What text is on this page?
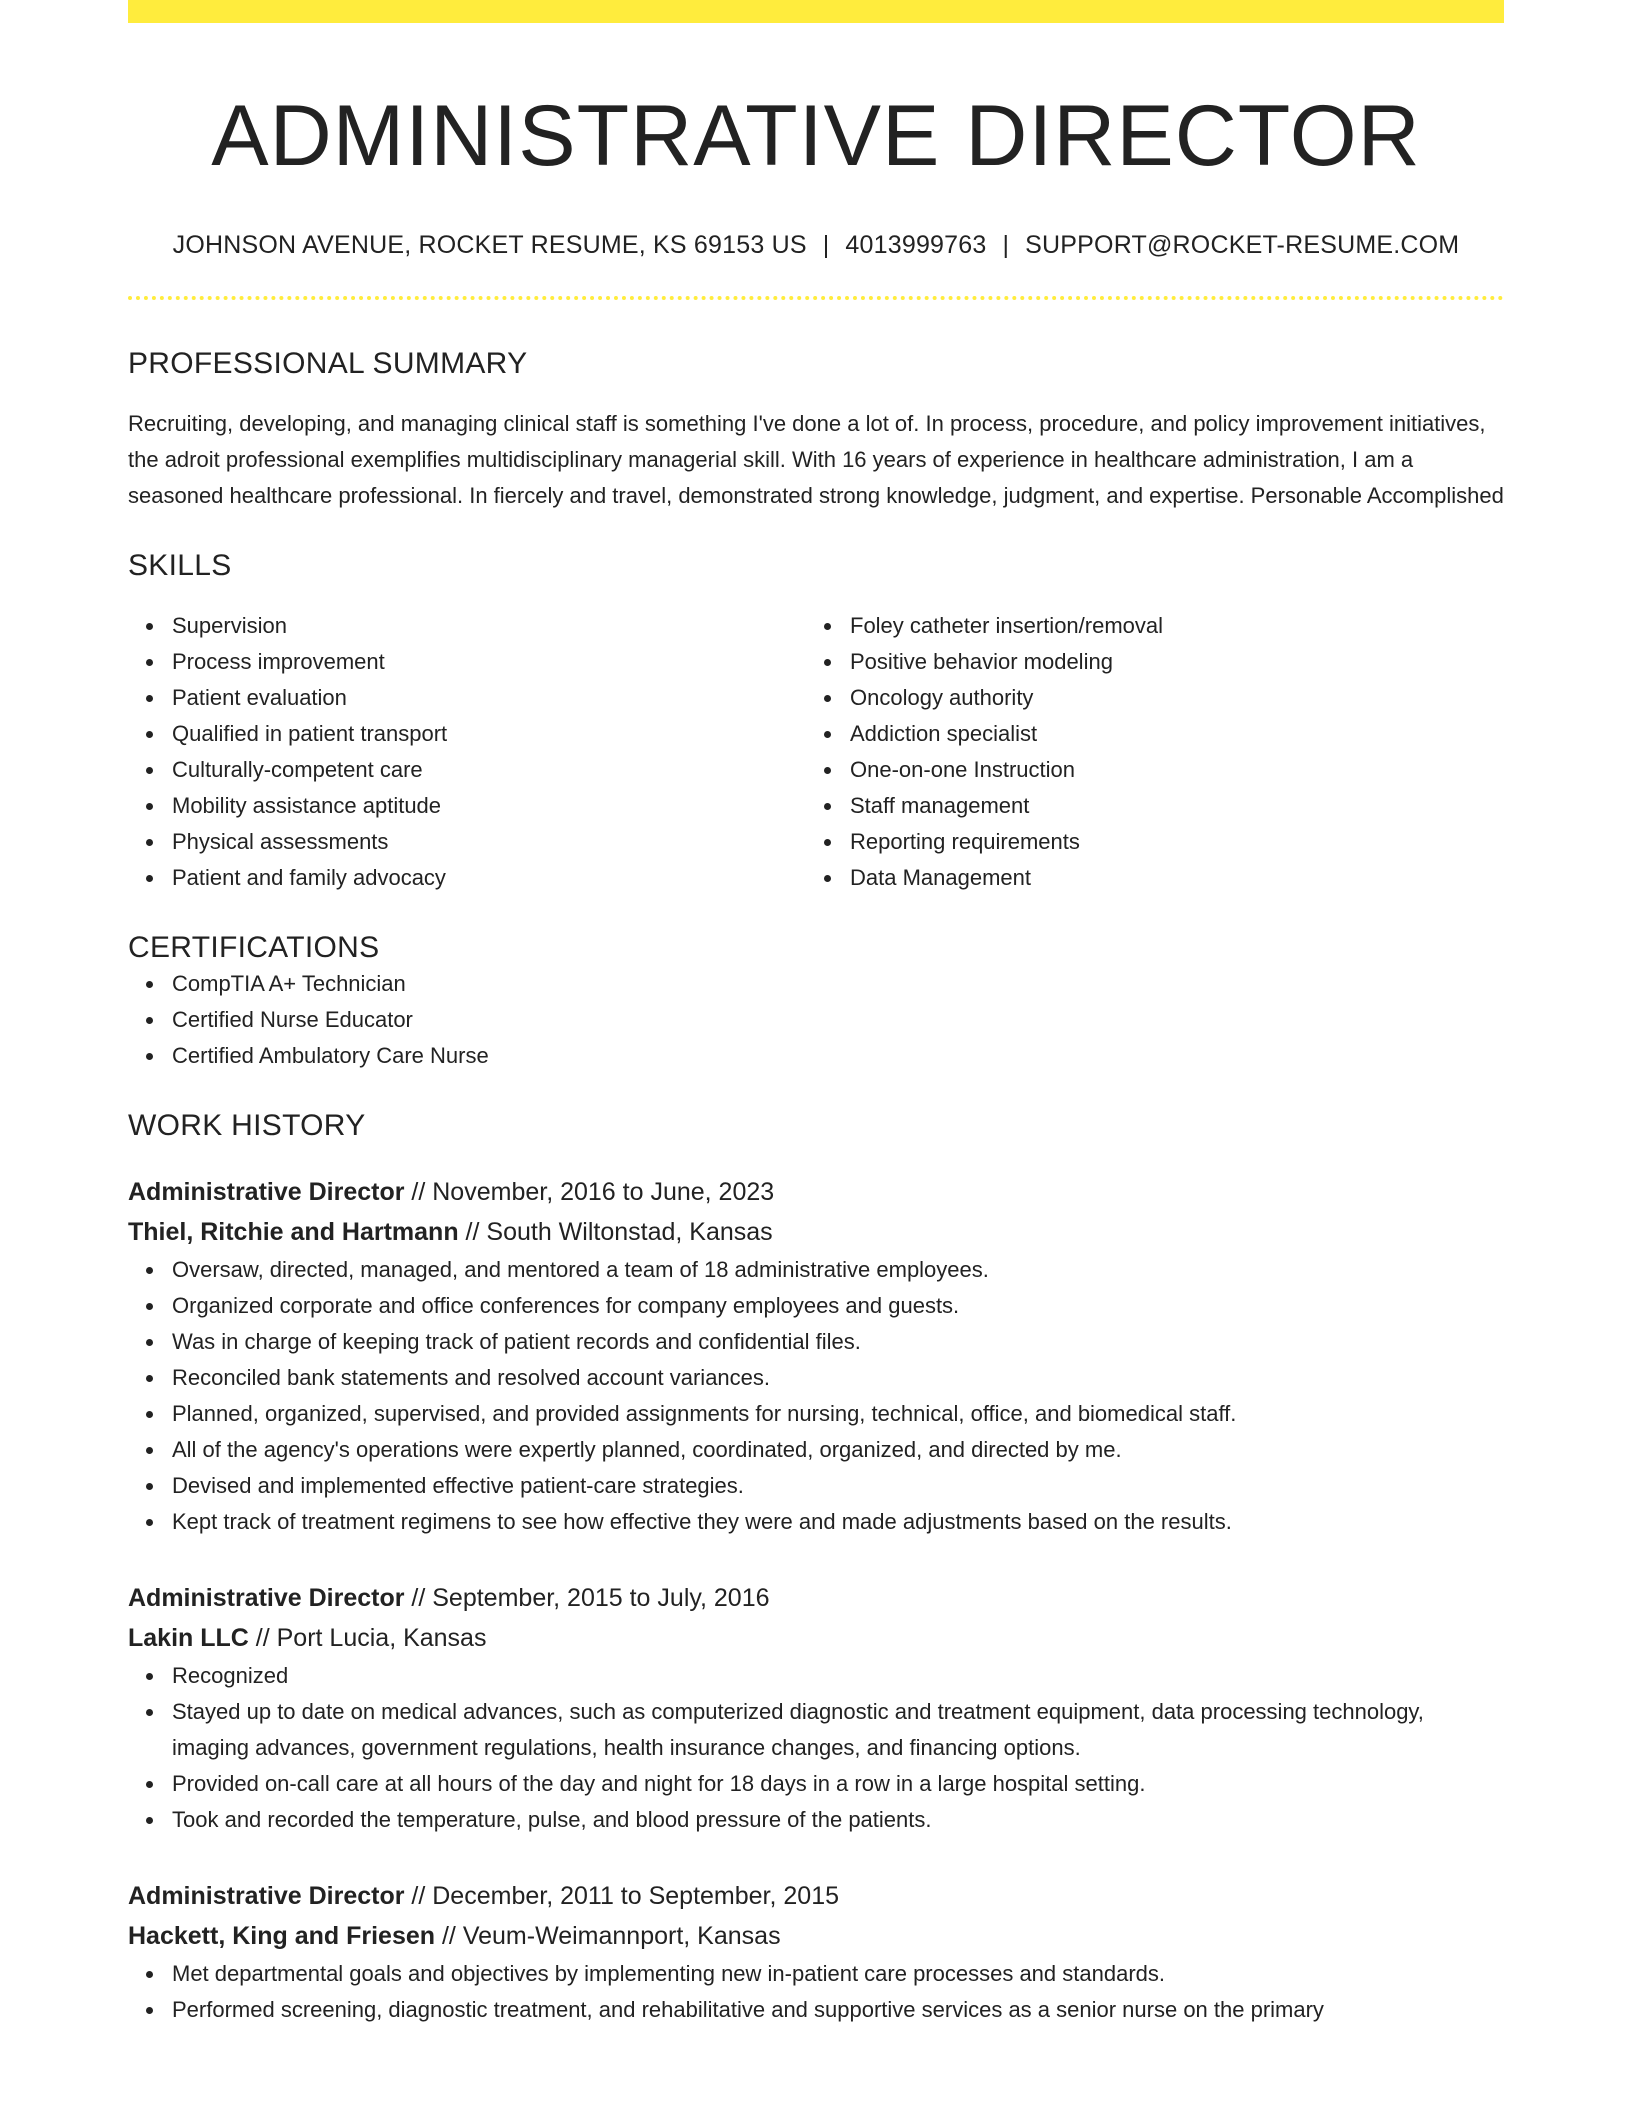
ADMINISTRATIVE DIRECTOR
JOHNSON AVENUE, ROCKET RESUME, KS 69153 US | 4013999763 | SUPPORT@ROCKET-RESUME.COM
PROFESSIONAL SUMMARY

Recruiting, developing, and managing clinical staff is something I've done a lot of. In process, procedure, and policy improvement initiatives, the adroit professional exemplifies multidisciplinary managerial skill. With 16 years of experience in healthcare administration, I am a seasoned healthcare professional. In fiercely and travel, demonstrated strong knowledge, judgment, and expertise. Personable Accomplished

SKILLS
Supervision
Process improvement
Patient evaluation
Qualified in patient transport
Culturally-competent care
Mobility assistance aptitude
Physical assessments
Patient and family advocacy
Foley catheter insertion/removal
Positive behavior modeling
Oncology authority
Addiction specialist
One-on-one Instruction
Staff management
Reporting requirements
Data Management
CERTIFICATIONS
CompTIA A+ Technician
Certified Nurse Educator
Certified Ambulatory Care Nurse
WORK HISTORY
Administrative Director // November, 2016 to June, 2023
Thiel, Ritchie and Hartmann // South Wiltonstad, Kansas
Oversaw, directed, managed, and mentored a team of 18 administrative employees.
Organized corporate and office conferences for company employees and guests.
Was in charge of keeping track of patient records and confidential files.
Reconciled bank statements and resolved account variances.
Planned, organized, supervised, and provided assignments for nursing, technical, office, and biomedical staff.
All of the agency's operations were expertly planned, coordinated, organized, and directed by me.
Devised and implemented effective patient-care strategies.
Kept track of treatment regimens to see how effective they were and made adjustments based on the results.
Administrative Director // September, 2015 to July, 2016
Lakin LLC // Port Lucia, Kansas
Recognized
Stayed up to date on medical advances, such as computerized diagnostic and treatment equipment, data processing technology, imaging advances, government regulations, health insurance changes, and financing options.
Provided on-call care at all hours of the day and night for 18 days in a row in a large hospital setting.
Took and recorded the temperature, pulse, and blood pressure of the patients.
Administrative Director // December, 2011 to September, 2015
Hackett, King and Friesen // Veum-Weimannport, Kansas
Met departmental goals and objectives by implementing new in-patient care processes and standards.
Performed screening, diagnostic treatment, and rehabilitative and supportive services as a senior nurse on the primary
